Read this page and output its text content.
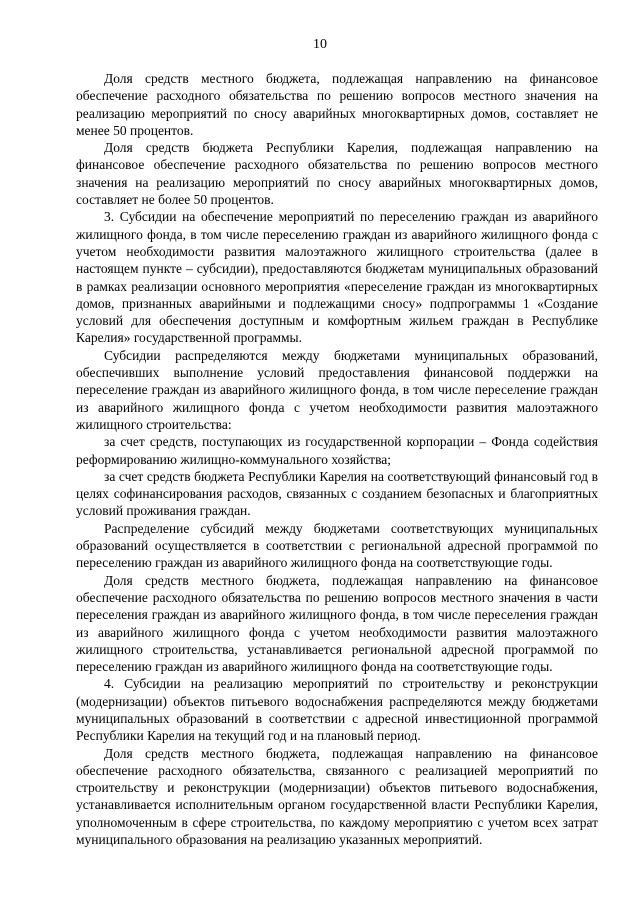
10

Доля средств местного бюджета, подлежащая направлению на финансовое обеспечение расходного обязательства по решению вопросов местного значения на реализацию мероприятий по сносу аварийных многоквартирных домов, составляет не менее 50 процентов.

Доля средств бюджета Республики Карелия, подлежащая направлению на финансовое обеспечение расходного обязательства по решению вопросов местного значения на реализацию мероприятий по сносу аварийных многоквартирных домов, составляет не более 50 процентов.

3. Субсидии на обеспечение мероприятий по переселению граждан из аварийного жилищного фонда, в том числе переселению граждан из аварийного жилищного фонда с учетом необходимости развития малоэтажного жилищного строительства (далее в настоящем пункте – субсидии), предоставляются бюджетам муниципальных образований в рамках реализации основного мероприятия «переселение граждан из многоквартирных домов, признанных аварийными и подлежащими сносу» подпрограммы 1 «Создание условий для обеспечения доступным и комфортным жильем граждан в Республике Карелия» государственной программы.

Субсидии распределяются между бюджетами муниципальных образований, обеспечивших выполнение условий предоставления финансовой поддержки на переселение граждан из аварийного жилищного фонда, в том числе переселение граждан из аварийного жилищного фонда с учетом необходимости развития малоэтажного жилищного строительства:

за счет средств, поступающих из государственной корпорации – Фонда содействия реформированию жилищно-коммунального хозяйства;

за счет средств бюджета Республики Карелия на соответствующий финансовый год в целях софинансирования расходов, связанных с созданием безопасных и благоприятных условий проживания граждан.

Распределение субсидий между бюджетами соответствующих муниципальных образований осуществляется в соответствии с региональной адресной программой по переселению граждан из аварийного жилищного фонда на соответствующие годы.

Доля средств местного бюджета, подлежащая направлению на финансовое обеспечение расходного обязательства по решению вопросов местного значения в части переселения граждан из аварийного жилищного фонда, в том числе переселения граждан из аварийного жилищного фонда с учетом необходимости развития малоэтажного жилищного строительства, устанавливается региональной адресной программой по переселению граждан из аварийного жилищного фонда на соответствующие годы.

4. Субсидии на реализацию мероприятий по строительству и реконструкции (модернизации) объектов питьевого водоснабжения распределяются между бюджетами муниципальных образований в соответствии с адресной инвестиционной программой Республики Карелия на текущий год и на плановый период.

Доля средств местного бюджета, подлежащая направлению на финансовое обеспечение расходного обязательства, связанного с реализацией мероприятий по строительству и реконструкции (модернизации) объектов питьевого водоснабжения, устанавливается исполнительным органом государственной власти Республики Карелия, уполномоченным в сфере строительства, по каждому мероприятию с учетом всех затрат муниципального образования на реализацию указанных мероприятий.
